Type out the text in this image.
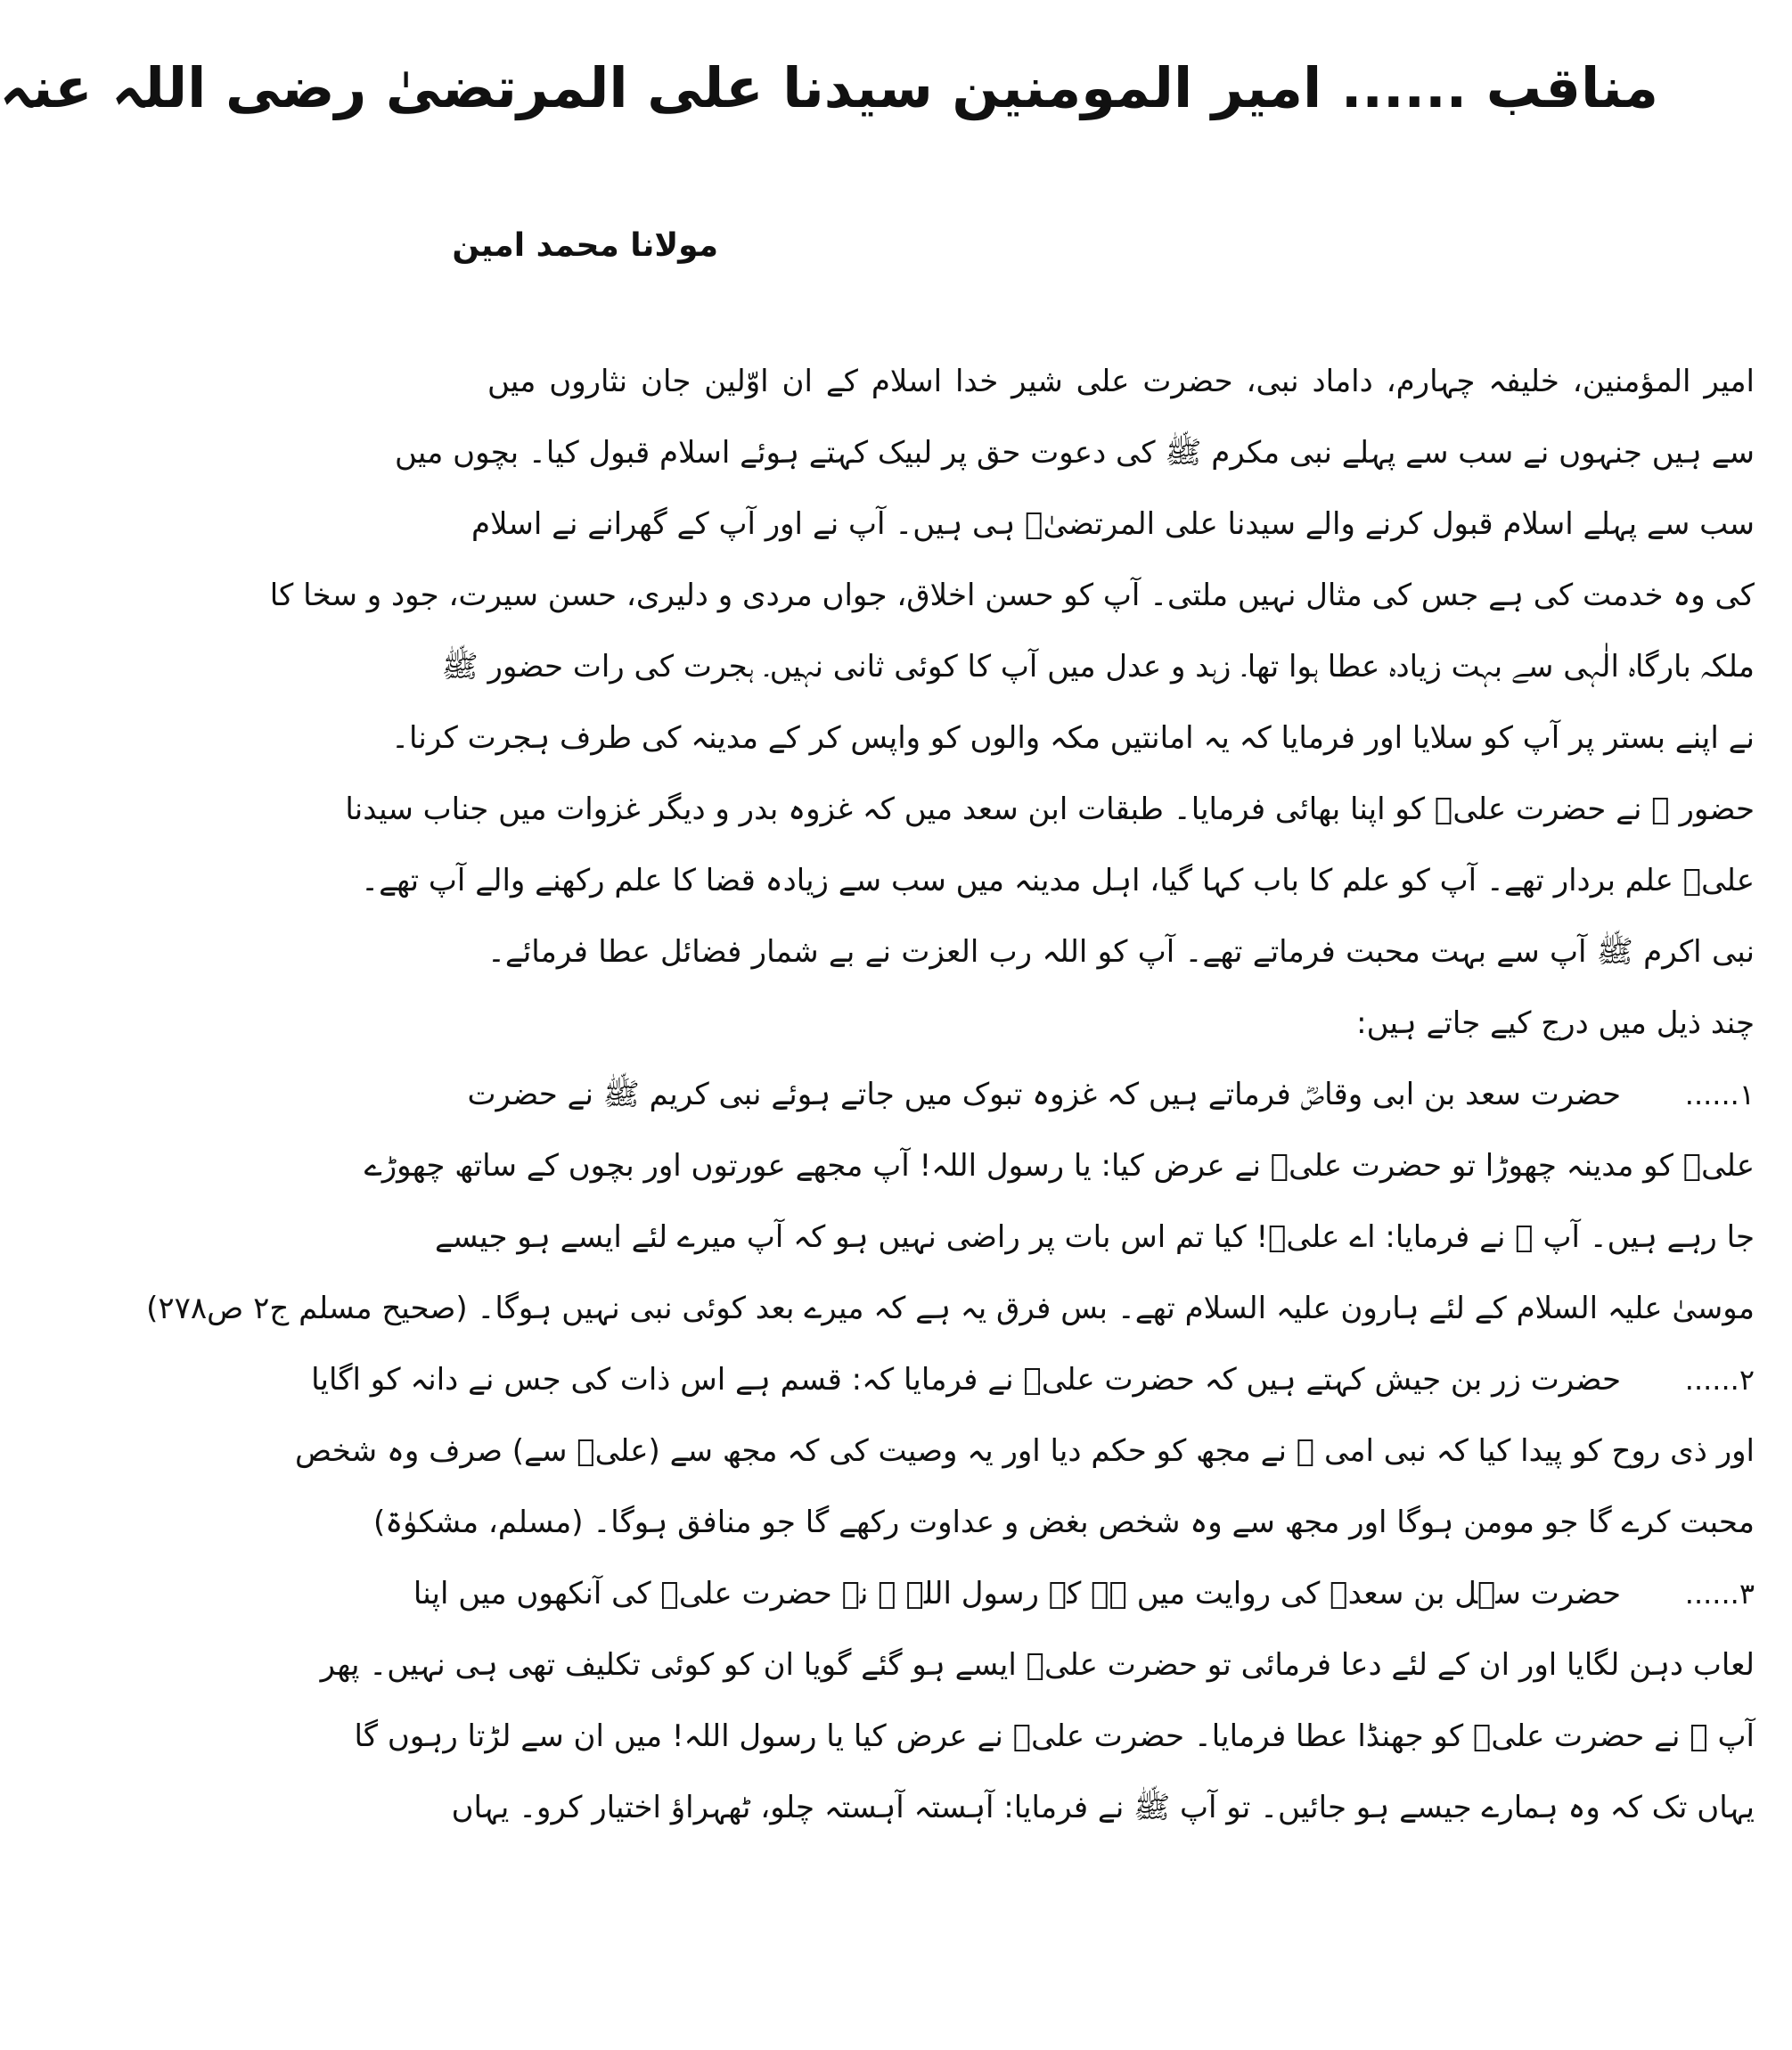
مناقب ...... امیر المومنین سیدنا علی المرتضیٰ رضی اللہ عنہ
مولانا محمد امین
امیر المؤمنین، خلیفہ چہارم، داماد نبی، حضرت علی شیر خدا اسلام کے ان اوّلین جان نثاروں میں
سے ہیں جنہوں نے سب سے پہلے نبی مکرم ﷺ کی دعوت حق پر لبیک کہتے ہوئے اسلام قبول کیا۔ بچوں میں
سب سے پہلے اسلام قبول کرنے والے سیدنا علی المرتضیٰؓ ہی ہیں۔ آپ نے اور آپ کے گھرانے نے اسلام
کی وہ خدمت کی ہے جس کی مثال نہیں ملتی۔ آپ کو حسن اخلاق، جواں مردی و دلیری، حسن سیرت، جود و سخا کا
ملکہ بارگاہ الٰہی سے بہت زیادہ عطا ہوا تھا۔ زہد و عدل میں آپ کا کوئی ثانی نہیں۔ ہجرت کی رات حضور ﷺ
نے اپنے بستر پر آپ کو سلایا اور فرمایا کہ یہ امانتیں مکہ والوں کو واپس کر کے مدینہ کی طرف ہجرت کرنا۔
حضور ﷺ نے حضرت علیؓ کو اپنا بھائی فرمایا۔ طبقات ابن سعد میں کہ غزوہ بدر و دیگر غزوات میں جناب سیدنا
علیؓ علم بردار تھے۔ آپ کو علم کا باب کہا گیا، اہل مدینہ میں سب سے زیادہ قضا کا علم رکھنے والے آپ تھے۔
نبی اکرم ﷺ آپ سے بہت محبت فرماتے تھے۔ آپ کو اللہ رب العزت نے بے شمار فضائل عطا فرمائے۔
چند ذیل میں درج کیے جاتے ہیں:
۱......
حضرت سعد بن ابی وقاصؓ فرماتے ہیں کہ غزوہ تبوک میں جاتے ہوئے نبی کریم ﷺ نے حضرت
علیؓ کو مدینہ چھوڑا تو حضرت علیؓ نے عرض کیا: یا رسول اللہ! آپ مجھے عورتوں اور بچوں کے ساتھ چھوڑے
جا رہے ہیں۔ آپ ﷺ نے فرمایا: اے علیؓ! کیا تم اس بات پر راضی نہیں ہو کہ آپ میرے لئے ایسے ہو جیسے
موسیٰ علیہ السلام کے لئے ہارون علیہ السلام تھے۔ بس فرق یہ ہے کہ میرے بعد کوئی نبی نہیں ہوگا۔ (صحیح مسلم ج۲ ص۲۷۸)
۲......
حضرت زر بن جیش کہتے ہیں کہ حضرت علیؓ نے فرمایا کہ: قسم ہے اس ذات کی جس نے دانہ کو اگایا
اور ذی روح کو پیدا کیا کہ نبی امی ﷺ نے مجھ کو حکم دیا اور یہ وصیت کی کہ مجھ سے (علیؓ سے) صرف وہ شخص
محبت کرے گا جو مومن ہوگا اور مجھ سے وہ شخص بغض و عداوت رکھے گا جو منافق ہوگا۔ (مسلم، مشکوٰۃ)
۳......
حضرت سہل بن سعدؓ کی روایت میں ہے کہ رسول اللہ ﷺ نے حضرت علیؓ کی آنکھوں میں اپنا
لعاب دہن لگایا اور ان کے لئے دعا فرمائی تو حضرت علیؓ ایسے ہو گئے گویا ان کو کوئی تکلیف تھی ہی نہیں۔ پھر
آپ ﷺ نے حضرت علیؓ کو جھنڈا عطا فرمایا۔ حضرت علیؓ نے عرض کیا یا رسول اللہ! میں ان سے لڑتا رہوں گا
یہاں تک کہ وہ ہمارے جیسے ہو جائیں۔ تو آپ ﷺ نے فرمایا: آہستہ آہستہ چلو، ٹھہراؤ اختیار کرو۔ یہاں
